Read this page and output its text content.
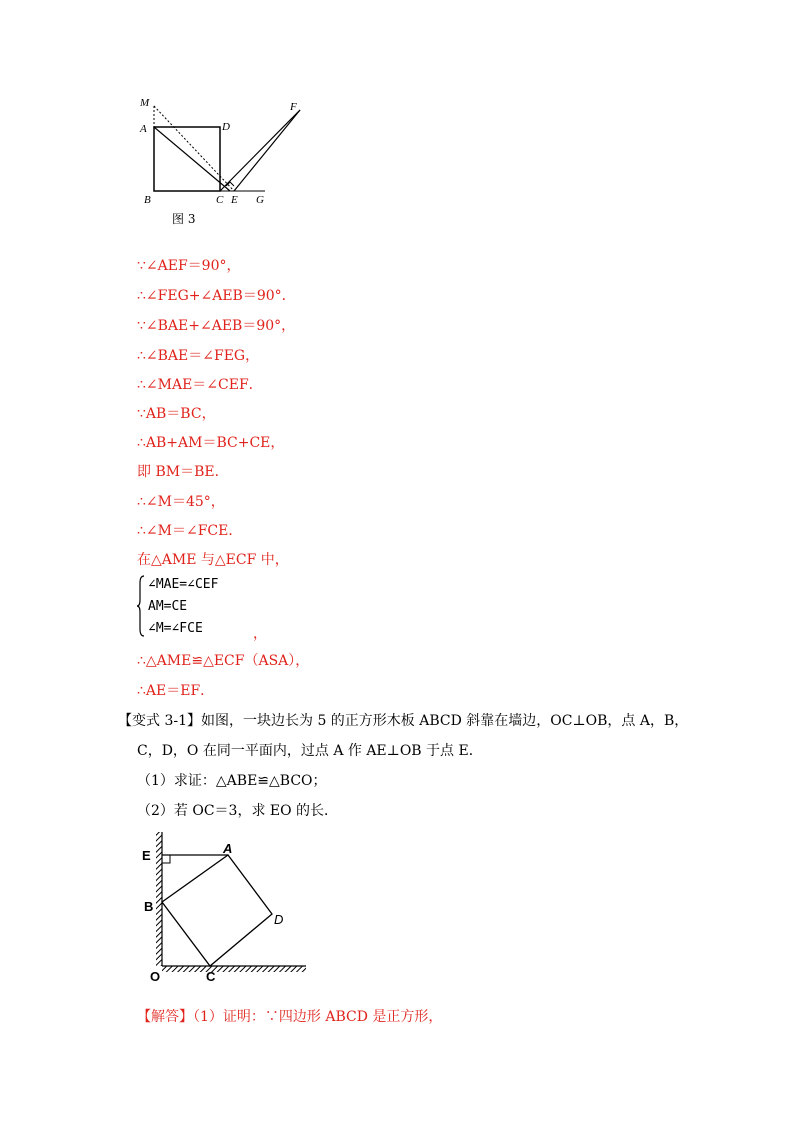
M
A	D
F
B	C E G
图 3
∵∠AEF＝90°，
∴∠FEG+∠AEB＝90°．
∵∠BAE+∠AEB＝90°，
∴∠BAE＝∠FEG，
∴∠MAE＝∠CEF．
∵AB＝BC，
∴AB+AM＝BC+CE，
即 BM＝BE．
∴∠M＝45°，
∴∠M＝∠FCE．
在△AME 与△ECF 中，
∠MAE=∠CEF
AM=CE
∠M=∠FCE	，
∴△AME≌△ECF（ASA），
∴AE＝EF．
【变式 3-1】如图，一块边长为 5 的正方形木板 ABCD 斜靠在墙边，OC⊥OB，点 A，B，
C，D，O 在同一平面内，过点 A 作 AE⊥OB 于点 E．
（1）求证：△ABE≌△BCO；
（2）若 OC＝3，求 EO 的长．
E	A
B
D
O	C
【解答】（1）证明：∵四边形 ABCD 是正方形，
